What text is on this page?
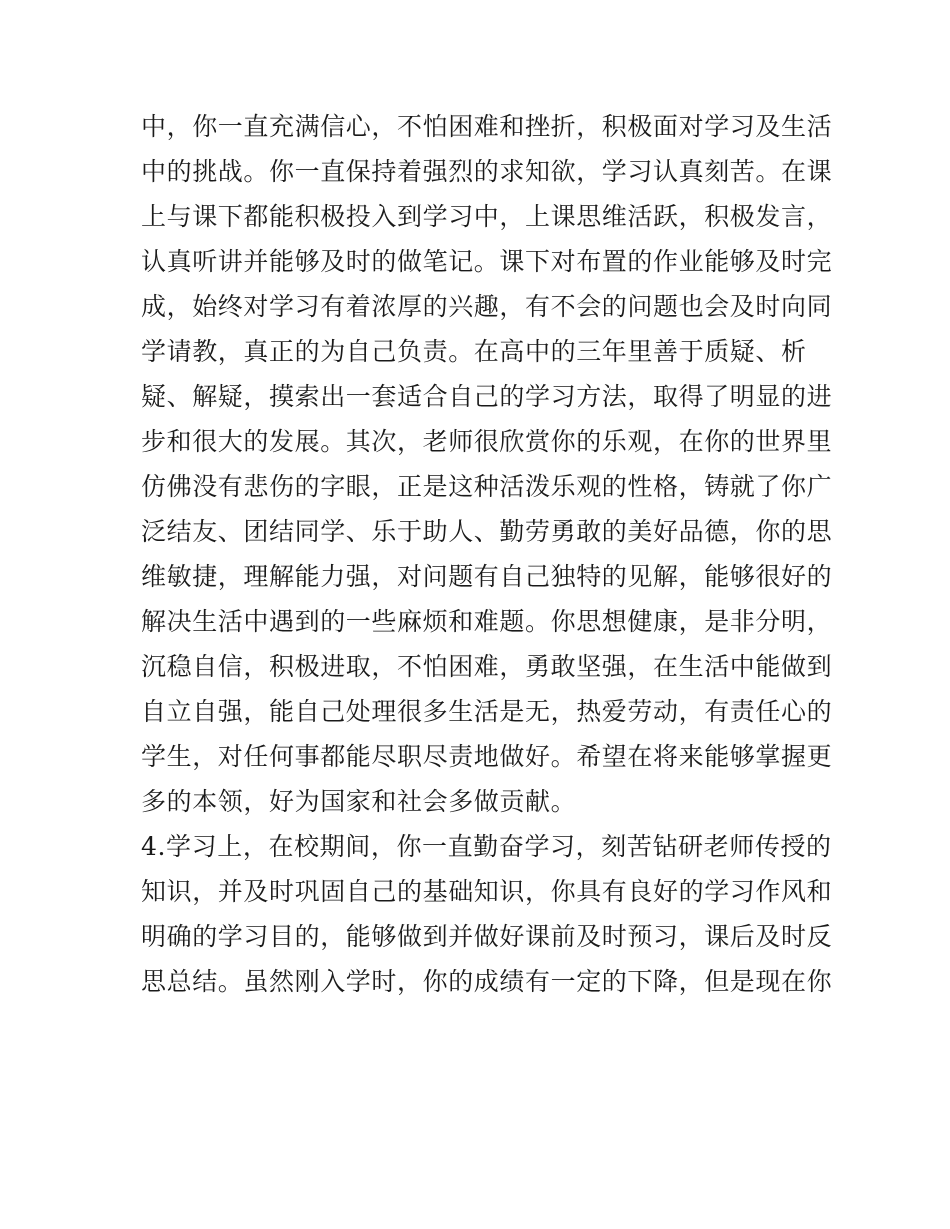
中，你一直充满信心，不怕困难和挫折，积极面对学习及生活
中的挑战。你一直保持着强烈的求知欲，学习认真刻苦。在课
上与课下都能积极投入到学习中，上课思维活跃，积极发言，
认真听讲并能够及时的做笔记。课下对布置的作业能够及时完
成，始终对学习有着浓厚的兴趣，有不会的问题也会及时向同
学请教，真正的为自己负责。在高中的三年里善于质疑、析
疑、解疑，摸索出一套适合自己的学习方法，取得了明显的进
步和很大的发展。其次，老师很欣赏你的乐观，在你的世界里
仿佛没有悲伤的字眼，正是这种活泼乐观的性格，铸就了你广
泛结友、团结同学、乐于助人、勤劳勇敢的美好品德，你的思
维敏捷，理解能力强，对问题有自己独特的见解，能够很好的
解决生活中遇到的一些麻烦和难题。你思想健康，是非分明，
沉稳自信，积极进取，不怕困难，勇敢坚强，在生活中能做到
自立自强，能自己处理很多生活是无，热爱劳动，有责任心的
学生，对任何事都能尽职尽责地做好。希望在将来能够掌握更
多的本领，好为国家和社会多做贡献。
4.学习上，在校期间，你一直勤奋学习，刻苦钻研老师传授的
知识，并及时巩固自己的基础知识，你具有良好的学习作风和
明确的学习目的，能够做到并做好课前及时预习，课后及时反
思总结。虽然刚入学时，你的成绩有一定的下降，但是现在你
